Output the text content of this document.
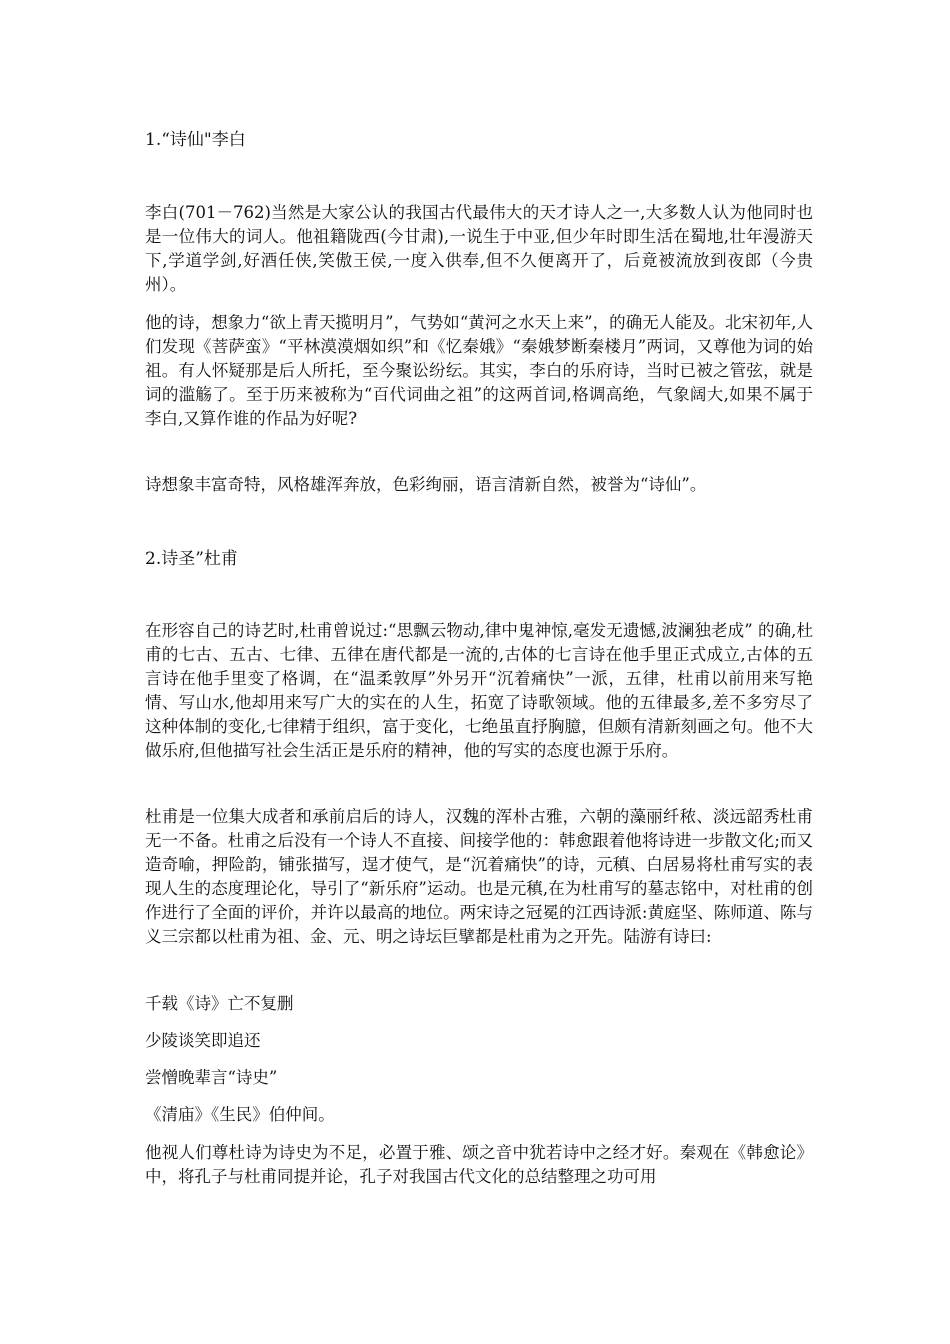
1.“诗仙"李白

李白(701－762)当然是大家公认的我国古代最伟大的天才诗人之一,大多数人认为他同时也是一位伟大的词人。他祖籍陇西(今甘肃),一说生于中亚,但少年时即生活在蜀地,壮年漫游天下,学道学剑,好酒任侠,笑傲王侯,一度入供奉,但不久便离开了，后竟被流放到夜郎（今贵州）。

他的诗，想象力“欲上青天揽明月”，气势如“黄河之水天上来”，的确无人能及。北宋初年,人们发现《菩萨蛮》“平林漠漠烟如织”和《忆秦娥》“秦娥梦断秦楼月”两词，又尊他为词的始祖。有人怀疑那是后人所托，至今聚讼纷纭。其实，李白的乐府诗，当时已被之管弦，就是词的滥觞了。至于历来被称为“百代词曲之祖”的这两首词,格调高绝，气象阔大,如果不属于李白,又算作谁的作品为好呢?

诗想象丰富奇特，风格雄浑奔放，色彩绚丽，语言清新自然，被誉为“诗仙”。

2.诗圣”杜甫

在形容自己的诗艺时,杜甫曾说过:“思飘云物动,律中鬼神惊,毫发无遗憾,波澜独老成” 的确,杜甫的七古、五古、七律、五律在唐代都是一流的,古体的七言诗在他手里正式成立,古体的五言诗在他手里变了格调，在“温柔敦厚”外另开“沉着痛快”一派，五律，杜甫以前用来写艳情、写山水,他却用来写广大的实在的人生，拓宽了诗歌领域。他的五律最多,差不多穷尽了这种体制的变化,七律精于组织，富于变化，七绝虽直抒胸臆，但颇有清新刻画之句。他不大做乐府,但他描写社会生活正是乐府的精神，他的写实的态度也源于乐府。

杜甫是一位集大成者和承前启后的诗人，汉魏的浑朴古雅，六朝的藻丽纤秾、淡远韶秀杜甫无一不备。杜甫之后没有一个诗人不直接、间接学他的：韩愈跟着他将诗进一步散文化;而又造奇喻，押险韵，铺张描写，逞才使气，是“沉着痛快”的诗，元稹、白居易将杜甫写实的表现人生的态度理论化，导引了“新乐府”运动。也是元稹,在为杜甫写的墓志铭中，对杜甫的创作进行了全面的评价，并许以最高的地位。两宋诗之冠冕的江西诗派:黄庭坚、陈师道、陈与义三宗都以杜甫为祖、金、元、明之诗坛巨擘都是杜甫为之开先。陆游有诗曰:

千载《诗》亡不复删

少陵谈笑即追还

尝憎晚辈言“诗史”

《清庙》《生民》伯仲间。

他视人们尊杜诗为诗史为不足，必置于雅、颂之音中犹若诗中之经才好。秦观在《韩愈论》中，将孔子与杜甫同提并论，孔子对我国古代文化的总结整理之功可用
